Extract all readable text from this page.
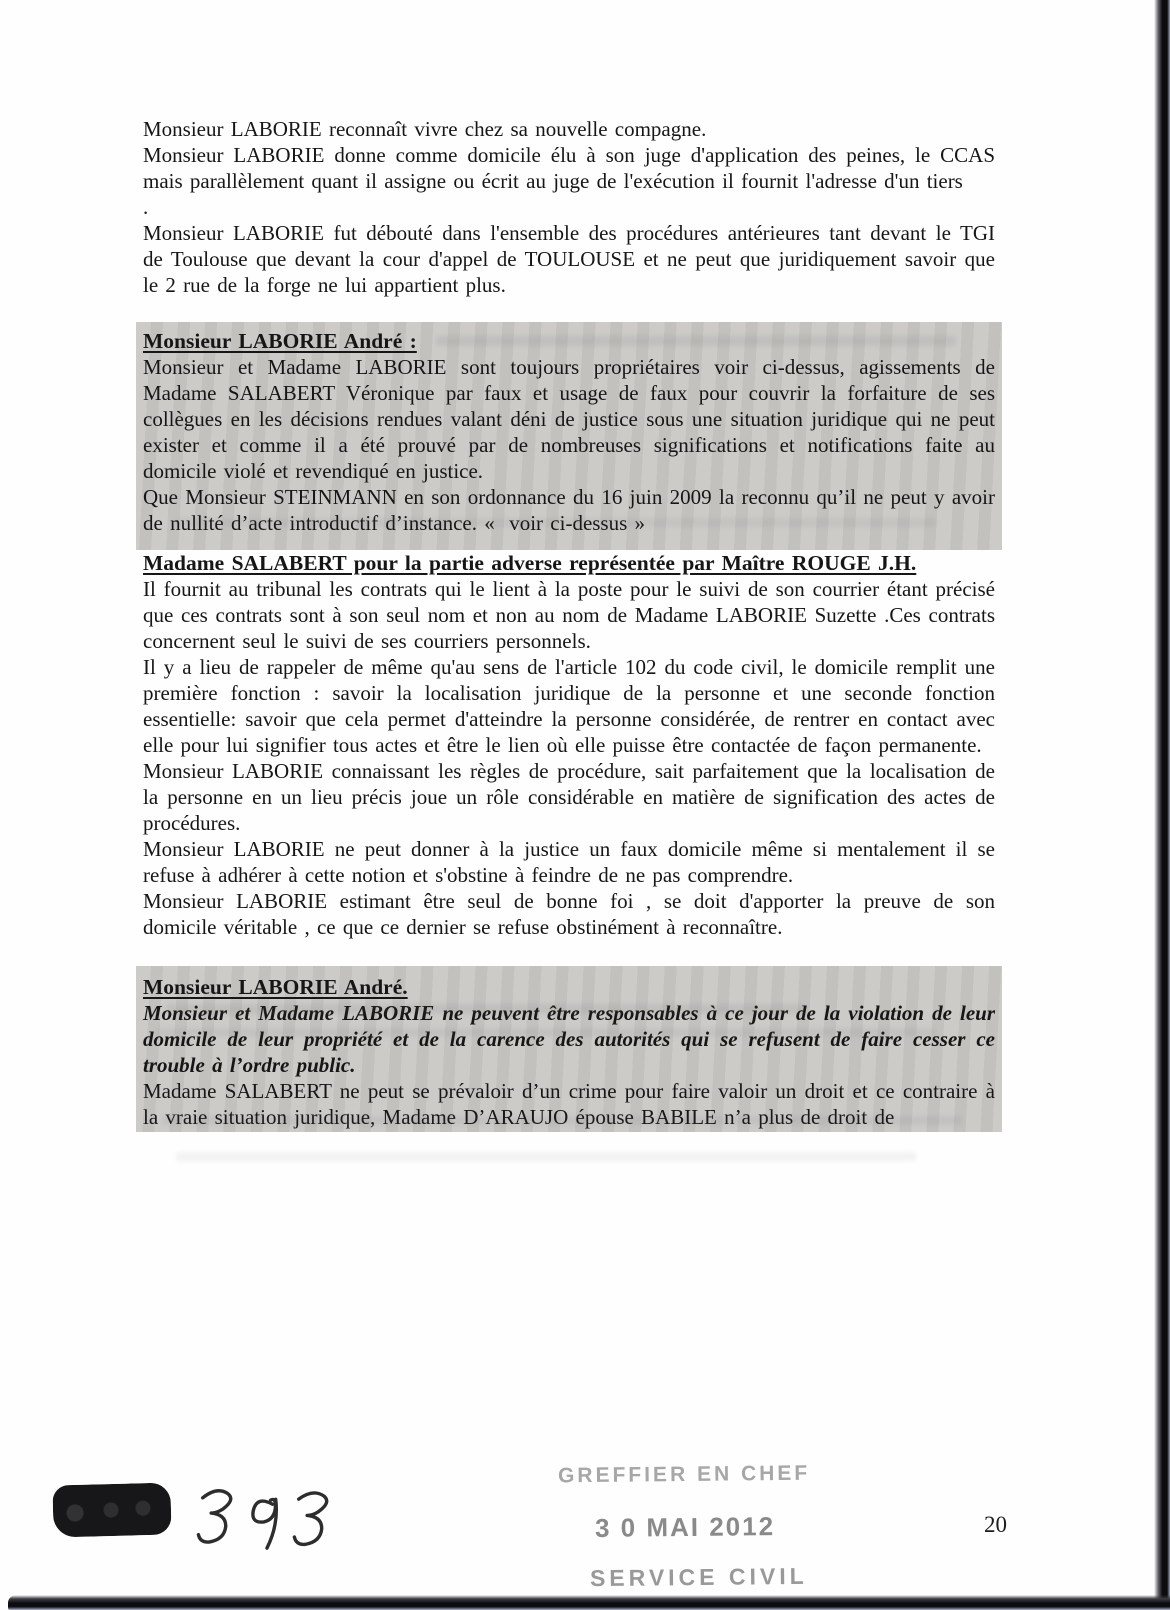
Monsieur LABORIE reconnaît vivre chez sa nouvelle compagne.

Monsieur LABORIE donne comme domicile élu à son juge d'application des peines, le CCAS mais parallèlement quant il assigne ou écrit au juge de l'exécution il fournit l'adresse d'un tiers

.

Monsieur LABORIE fut débouté dans l'ensemble des procédures antérieures tant devant le TGI de Toulouse que devant la cour d'appel de TOULOUSE et ne peut que juridiquement savoir que le 2 rue de la forge ne lui appartient plus.

Monsieur LABORIE André :

Monsieur et Madame LABORIE sont toujours propriétaires voir ci-dessus, agissements de Madame SALABERT Véronique par faux et usage de faux pour couvrir la forfaiture de ses collègues en les décisions rendues valant déni de justice sous une situation juridique qui ne peut exister et comme il a été prouvé par de nombreuses significations et notifications faite au domicile violé et revendiqué en justice.

Que Monsieur STEINMANN en son ordonnance du 16 juin 2009 la reconnu qu’il ne peut y avoir de nullité d’acte introductif d’instance. «  voir ci-dessus »

Madame SALABERT pour la partie adverse représentée par Maître ROUGE J.H.

Il fournit au tribunal les contrats qui le lient à la poste pour le suivi de son courrier étant précisé que ces contrats sont à son seul nom et non au nom de Madame LABORIE Suzette .Ces contrats concernent seul le suivi de ses courriers personnels.

Il y a lieu de rappeler de même qu'au sens de l'article 102 du code civil, le domicile remplit une première fonction : savoir la localisation juridique de la personne et une seconde fonction essentielle: savoir que cela permet d'atteindre la personne considérée, de rentrer en contact avec elle pour lui signifier tous actes et être le lien où elle puisse être contactée de façon permanente.

Monsieur LABORIE connaissant les règles de procédure, sait parfaitement que la localisation de la personne en un lieu précis joue un rôle considérable en matière de signification des actes de procédures.

Monsieur LABORIE ne peut donner à la justice un faux domicile même si mentalement il se refuse à adhérer à cette notion et s'obstine à feindre de ne pas comprendre.

Monsieur LABORIE estimant être seul de bonne foi , se doit d'apporter la preuve de son domicile véritable , ce que ce dernier se refuse obstinément à reconnaître.

Monsieur LABORIE André.

Monsieur et Madame LABORIE ne peuvent être responsables à ce jour de la violation de leur domicile de leur propriété et de la carence des autorités qui se refusent de faire cesser ce trouble à l’ordre public.

Madame SALABERT ne peut se prévaloir d’un crime pour faire valoir un droit et ce contraire à la vraie situation juridique, Madame D’ARAUJO épouse BABILE n’a plus de droit de

GREFFIER EN CHEF
3 0 MAI 2012
SERVICE CIVIL
20
